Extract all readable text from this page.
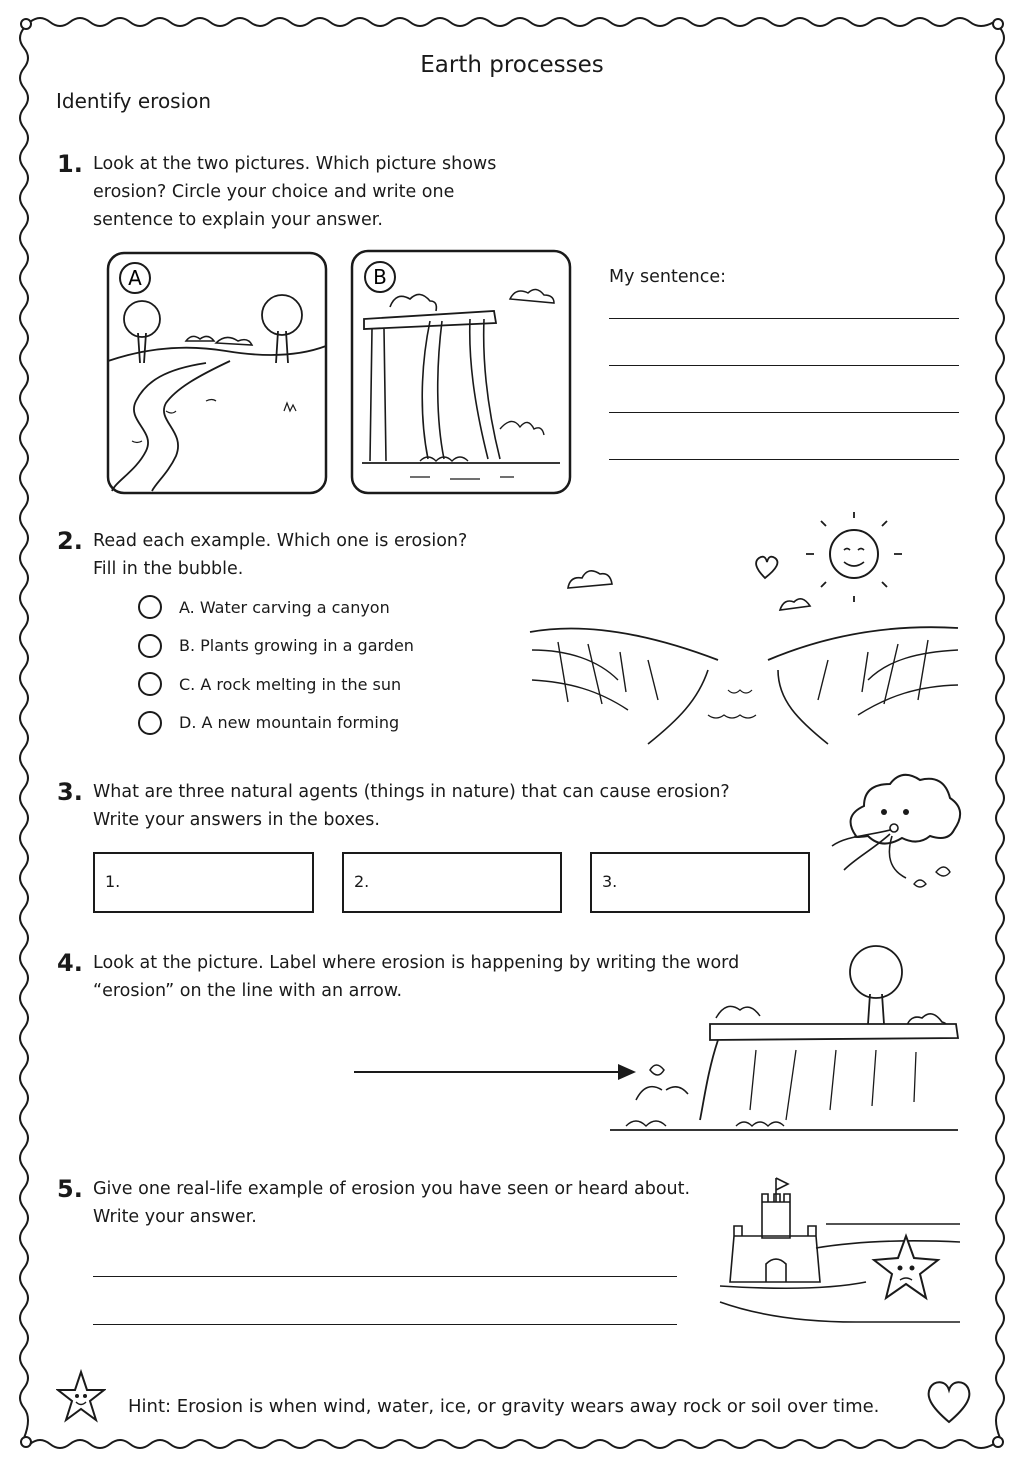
Earth processes
Identify erosion
1. Look at the two pictures. Which picture shows
erosion? Circle your choice and write one
sentence to explain your answer.
A	B	My sentence:
2. Read each example. Which one is erosion?
Fill in the bubble.
A. Water carving a canyon
B. Plants growing in a garden
C. A rock melting in the sun
D. A new mountain forming
3. What are three natural agents (things in nature) that can cause erosion?
Write your answers in the boxes.
1.	2.	3.
4. Look at the picture. Label where erosion is happening by writing the word
“erosion” on the line with an arrow.
5. Give one real-life example of erosion you have seen or heard about.
Write your answer.
Hint: Erosion is when wind, water, ice, or gravity wears away rock or soil over time.
